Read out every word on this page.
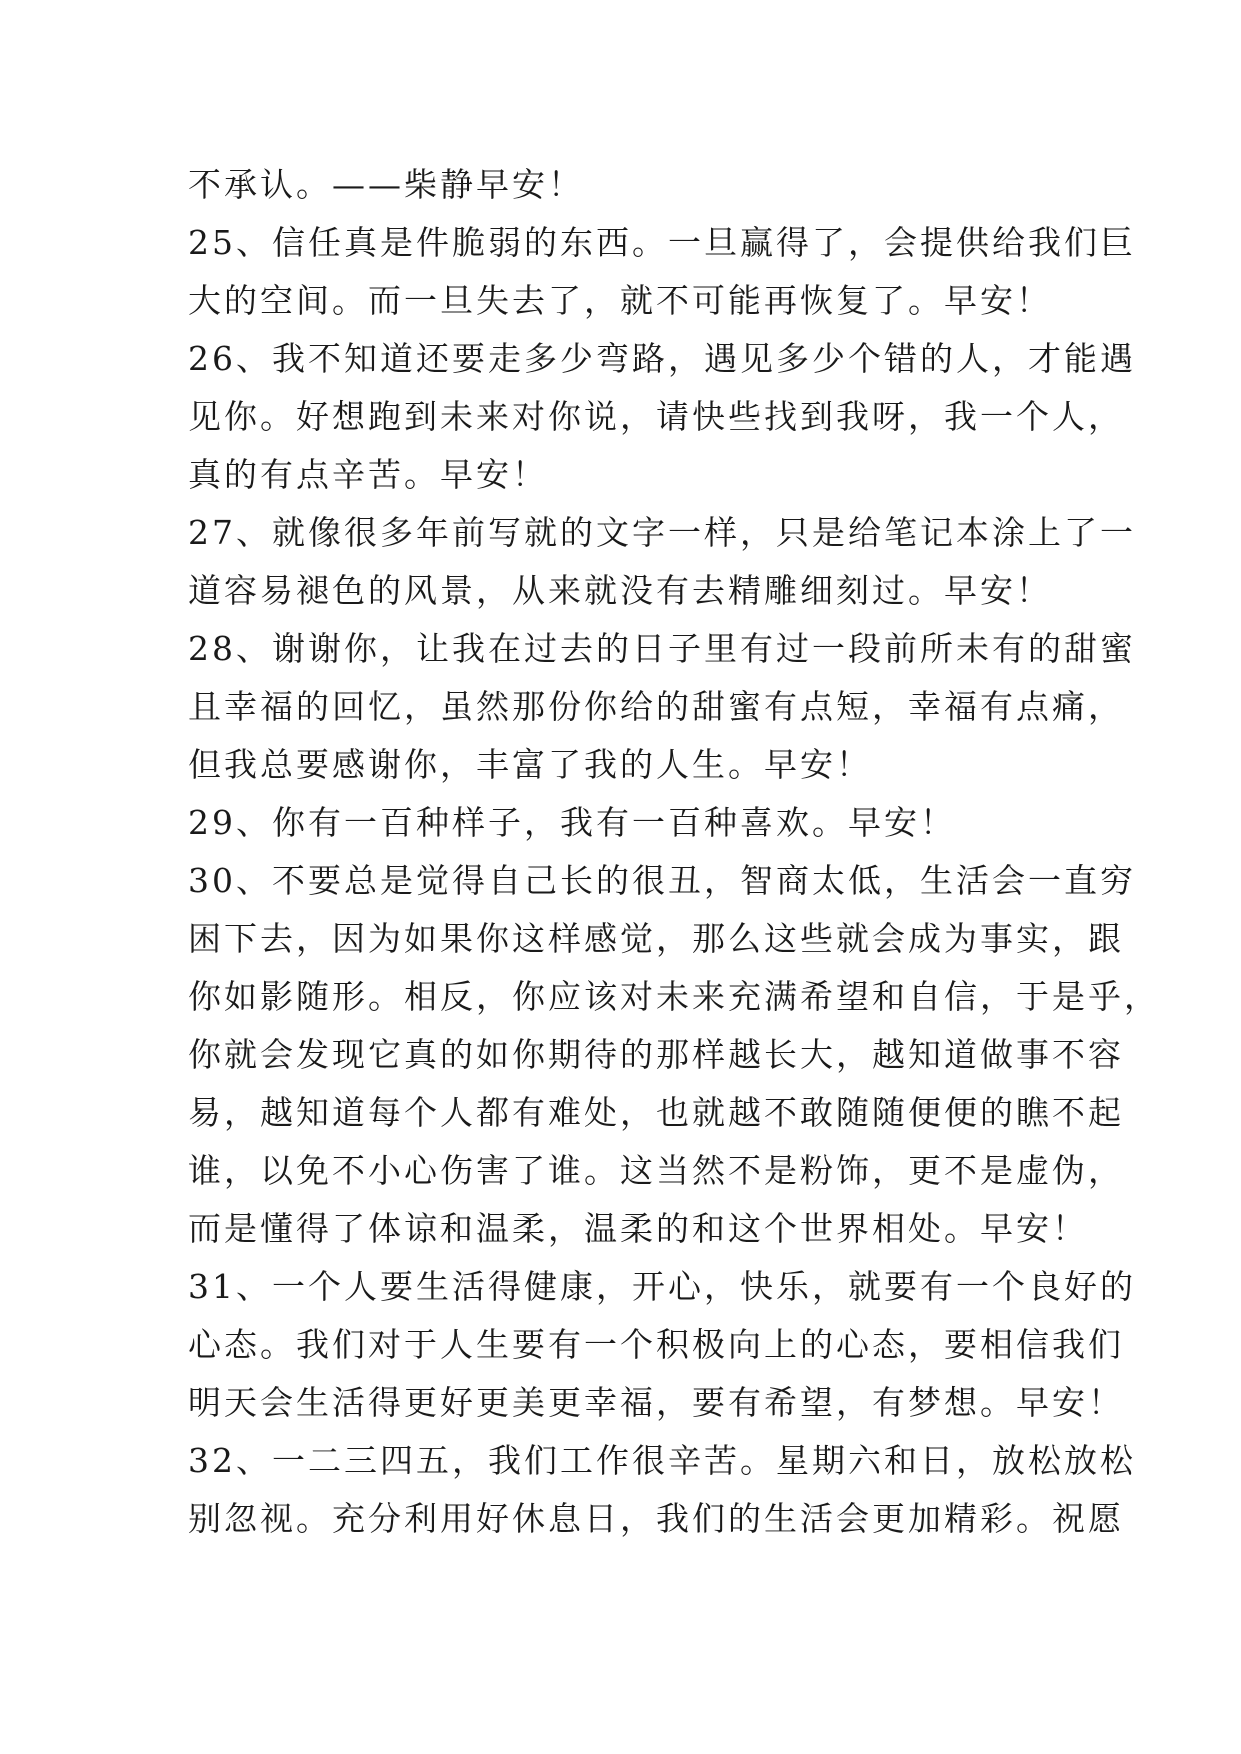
不承认。——柴静早安！
25、信任真是件脆弱的东西。一旦赢得了，会提供给我们巨
大的空间。而一旦失去了，就不可能再恢复了。早安！
26、我不知道还要走多少弯路，遇见多少个错的人，才能遇
见你。好想跑到未来对你说，请快些找到我呀，我一个人，
真的有点辛苦。早安！
27、就像很多年前写就的文字一样，只是给笔记本涂上了一
道容易褪色的风景，从来就没有去精雕细刻过。早安！
28、谢谢你，让我在过去的日子里有过一段前所未有的甜蜜
且幸福的回忆，虽然那份你给的甜蜜有点短，幸福有点痛，
但我总要感谢你，丰富了我的人生。早安！
29、你有一百种样子，我有一百种喜欢。早安！
30、不要总是觉得自己长的很丑，智商太低，生活会一直穷
困下去，因为如果你这样感觉，那么这些就会成为事实，跟
你如影随形。相反，你应该对未来充满希望和自信，于是乎，
你就会发现它真的如你期待的那样越长大，越知道做事不容
易，越知道每个人都有难处，也就越不敢随随便便的瞧不起
谁，以免不小心伤害了谁。这当然不是粉饰，更不是虚伪，
而是懂得了体谅和温柔，温柔的和这个世界相处。早安！
31、一个人要生活得健康，开心，快乐，就要有一个良好的
心态。我们对于人生要有一个积极向上的心态，要相信我们
明天会生活得更好更美更幸福，要有希望，有梦想。早安！
32、一二三四五，我们工作很辛苦。星期六和日，放松放松
别忽视。充分利用好休息日，我们的生活会更加精彩。祝愿
